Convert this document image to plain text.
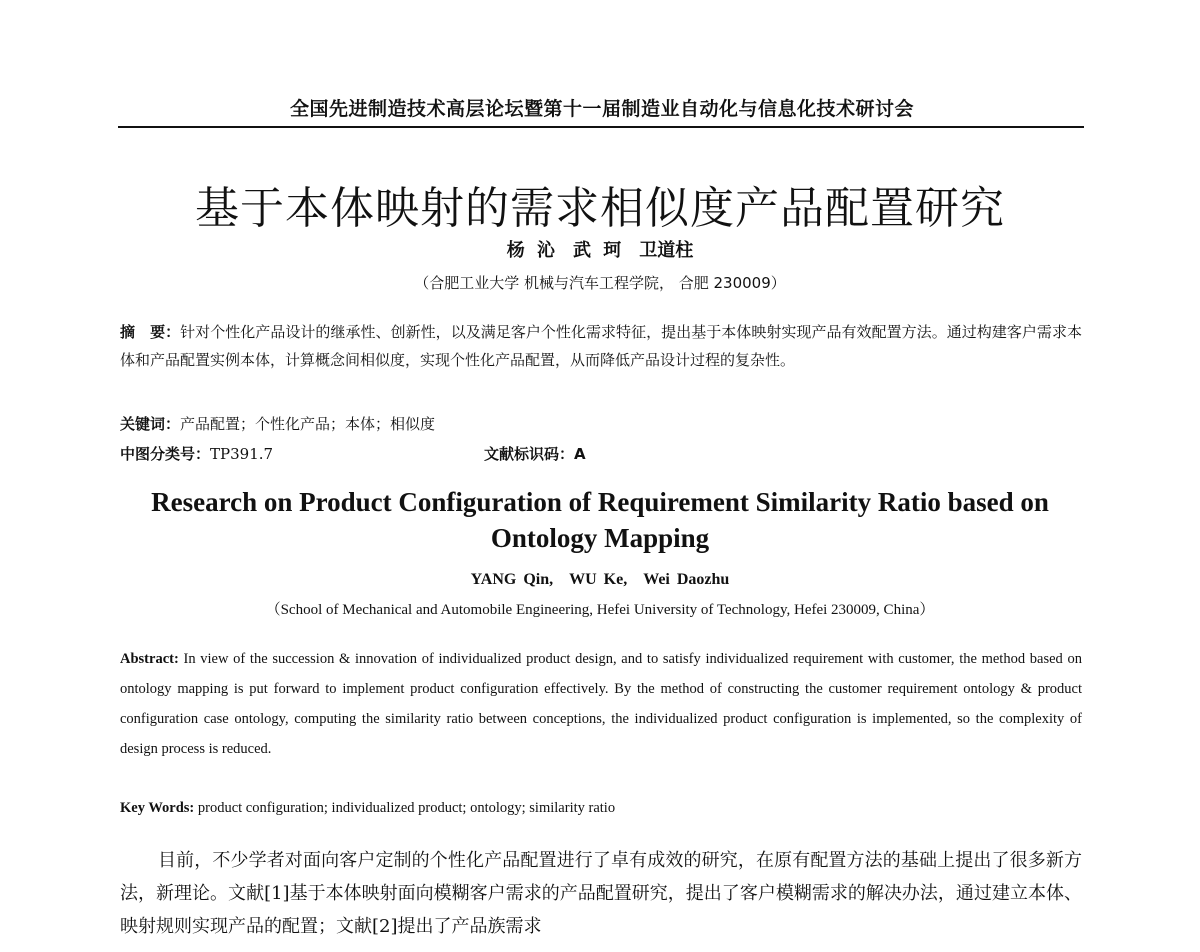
全国先进制造技术高层论坛暨第十一届制造业自动化与信息化技术研讨会
基于本体映射的需求相似度产品配置研究
杨 沁　武 珂　卫道柱
（合肥工业大学 机械与汽车工程学院， 合肥 230009）
摘　要：针对个性化产品设计的继承性、创新性，以及满足客户个性化需求特征，提出基于本体映射实现产品有效配置方法。通过构建客户需求本体和产品配置实例本体，计算概念间相似度，实现个性化产品配置，从而降低产品设计过程的复杂性。
关键词：产品配置；个性化产品；本体；相似度
中图分类号：TP391.7	文献标识码：A
Research on Product Configuration of Requirement Similarity Ratio based on Ontology Mapping
YANG Qin,　WU Ke,　Wei Daozhu
（School of Mechanical and Automobile Engineering, Hefei University of Technology, Hefei 230009, China）
Abstract: In view of the succession & innovation of individualized product design, and to satisfy individualized requirement with customer, the method based on ontology mapping is put forward to implement product configuration effectively. By the method of constructing the customer requirement ontology & product configuration case ontology, computing the similarity ratio between conceptions, the individualized product configuration is implemented, so the complexity of design process is reduced.
Key Words: product configuration; individualized product; ontology; similarity ratio
目前，不少学者对面向客户定制的个性化产品配置进行了卓有成效的研究，在原有配置方法的基础上提出了很多新方法，新理论。文献[1]基于本体映射面向模糊客户需求的产品配置研究，提出了客户模糊需求的解决办法，通过建立本体、映射规则实现产品的配置；文献[2]提出了产品族需求
